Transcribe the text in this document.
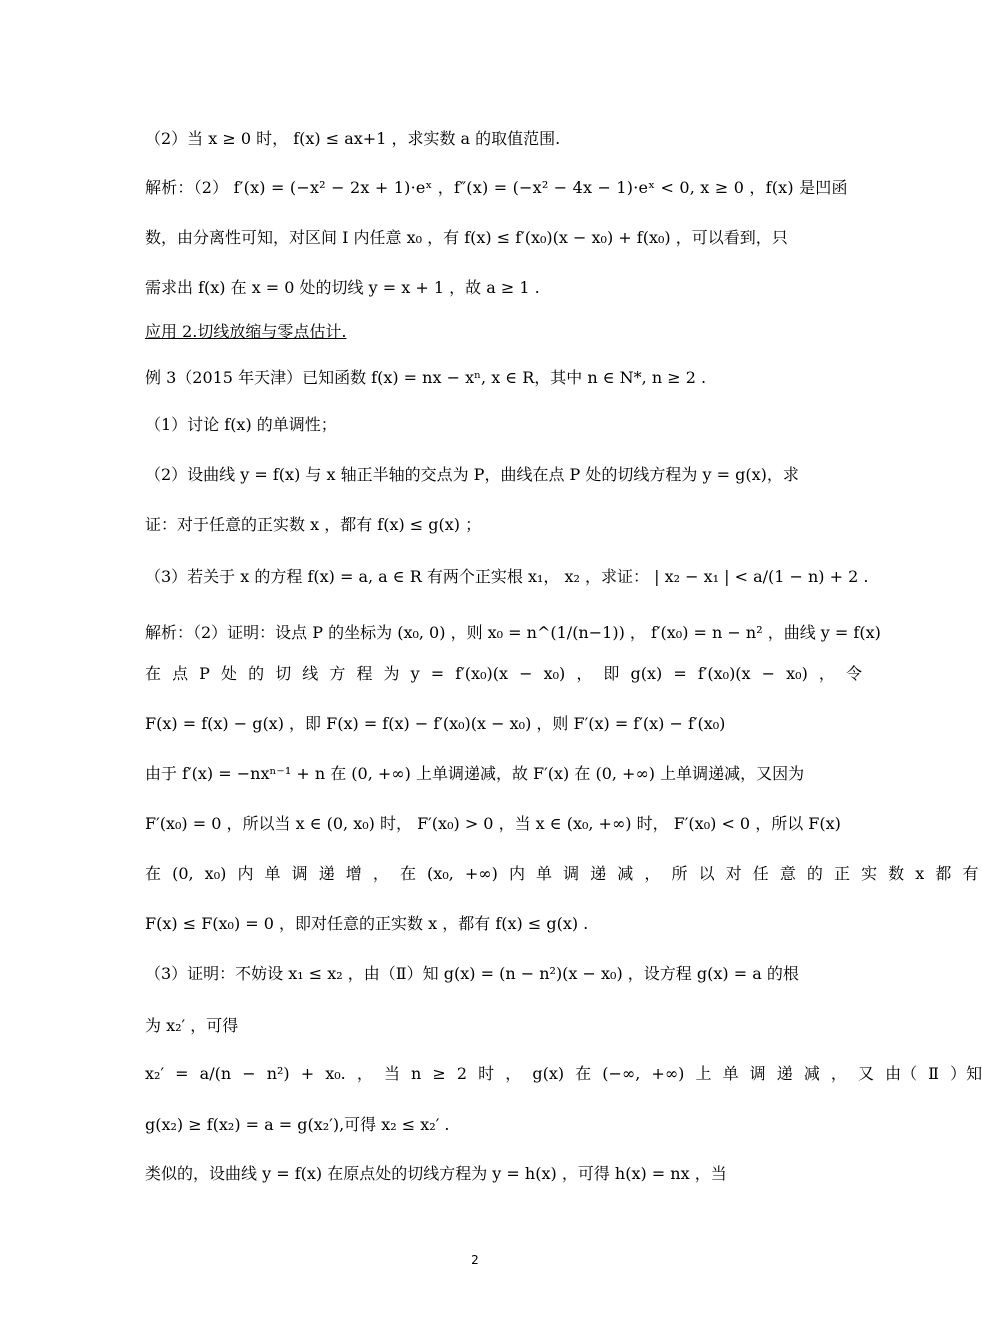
（2）当 x ≥ 0 时， f(x) ≤ ax+1 ，求实数 a 的取值范围.
解析：（2） f′(x) = (−x² − 2x + 1)·eˣ ，f″(x) = (−x² − 4x − 1)·eˣ < 0, x ≥ 0 ，f(x) 是凹函
数，由分离性可知，对区间 I 内任意 x₀ ，有 f(x) ≤ f′(x₀)(x − x₀) + f(x₀) ，可以看到，只
需求出 f(x) 在 x = 0 处的切线 y = x + 1 ，故 a ≥ 1 .
应用 2.切线放缩与零点估计.
例 3（2015 年天津）已知函数 f(x) = nx − xⁿ, x ∈ R，其中 n ∈ N*, n ≥ 2 .
（1）讨论 f(x) 的单调性；
（2）设曲线 y = f(x) 与 x 轴正半轴的交点为 P，曲线在点 P 处的切线方程为 y = g(x)，求
证：对于任意的正实数 x ，都有 f(x) ≤ g(x) ；
（3）若关于 x 的方程 f(x) = a, a ∈ R 有两个正实根 x₁， x₂ ，求证： | x₂ − x₁ | < a/(1 − n) + 2 .
解析：（2）证明：设点 P 的坐标为 (x₀, 0) ，则 x₀ = n^(1/(n−1)) ， f′(x₀) = n − n² ，曲线 y = f(x)
在 点 P 处 的 切 线 方 程 为 y = f′(x₀)(x − x₀) ， 即 g(x) = f′(x₀)(x − x₀) ， 令
F(x) = f(x) − g(x) ，即 F(x) = f(x) − f′(x₀)(x − x₀) ，则 F′(x) = f′(x) − f′(x₀)
由于 f′(x) = −nxⁿ⁻¹ + n 在 (0, +∞) 上单调递减，故 F′(x) 在 (0, +∞) 上单调递减，又因为
F′(x₀) = 0 ，所以当 x ∈ (0, x₀) 时， F′(x₀) > 0 ，当 x ∈ (x₀, +∞) 时， F′(x₀) < 0 ，所以 F(x)
在 (0, x₀) 内 单 调 递 增 ， 在 (x₀, +∞) 内 单 调 递 减 ， 所 以 对 任 意 的 正 实 数 x 都 有
F(x) ≤ F(x₀) = 0 ，即对任意的正实数 x ，都有 f(x) ≤ g(x) .
（3）证明：不妨设 x₁ ≤ x₂ ，由（Ⅱ）知 g(x) = (n − n²)(x − x₀) ，设方程 g(x) = a 的根
为 x₂′ ，可得
x₂′ = a/(n − n²) + x₀. ， 当 n ≥ 2 时 ， g(x) 在 (−∞, +∞) 上 单 调 递 减 ， 又 由（ Ⅱ ）知
g(x₂) ≥ f(x₂) = a = g(x₂′),可得 x₂ ≤ x₂′ .
类似的，设曲线 y = f(x) 在原点处的切线方程为 y = h(x) ，可得 h(x) = nx ，当
2
